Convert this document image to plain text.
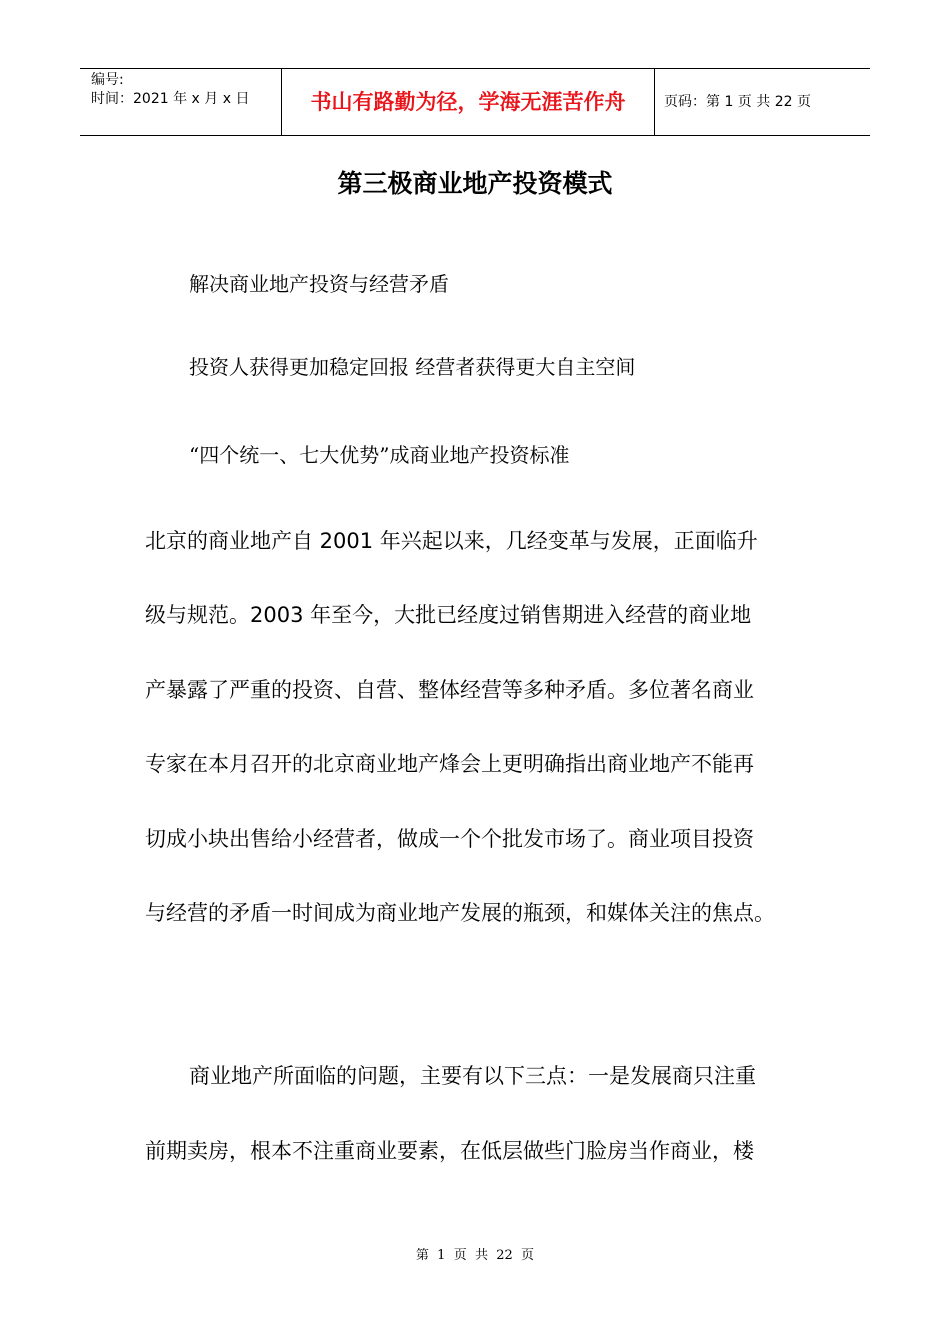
编号:
时间：2021 年 x 月 x 日	书山有路勤为径，学海无涯苦作舟	页码：第 1 页 共 22 页
第三极商业地产投资模式
解决商业地产投资与经营矛盾
投资人获得更加稳定回报 经营者获得更大自主空间
“四个统一、七大优势”成商业地产投资标准
北京的商业地产自 2001 年兴起以来，几经变革与发展，正面临升
级与规范。2003 年至今，大批已经度过销售期进入经营的商业地
产暴露了严重的投资、自营、整体经营等多种矛盾。多位著名商业
专家在本月召开的北京商业地产烽会上更明确指出商业地产不能再
切成小块出售给小经营者，做成一个个批发市场了。商业项目投资
与经营的矛盾一时间成为商业地产发展的瓶颈，和媒体关注的焦点。
商业地产所面临的问题，主要有以下三点：一是发展商只注重
前期卖房，根本不注重商业要素，在低层做些门脸房当作商业，楼
第  1  页  共  22  页
